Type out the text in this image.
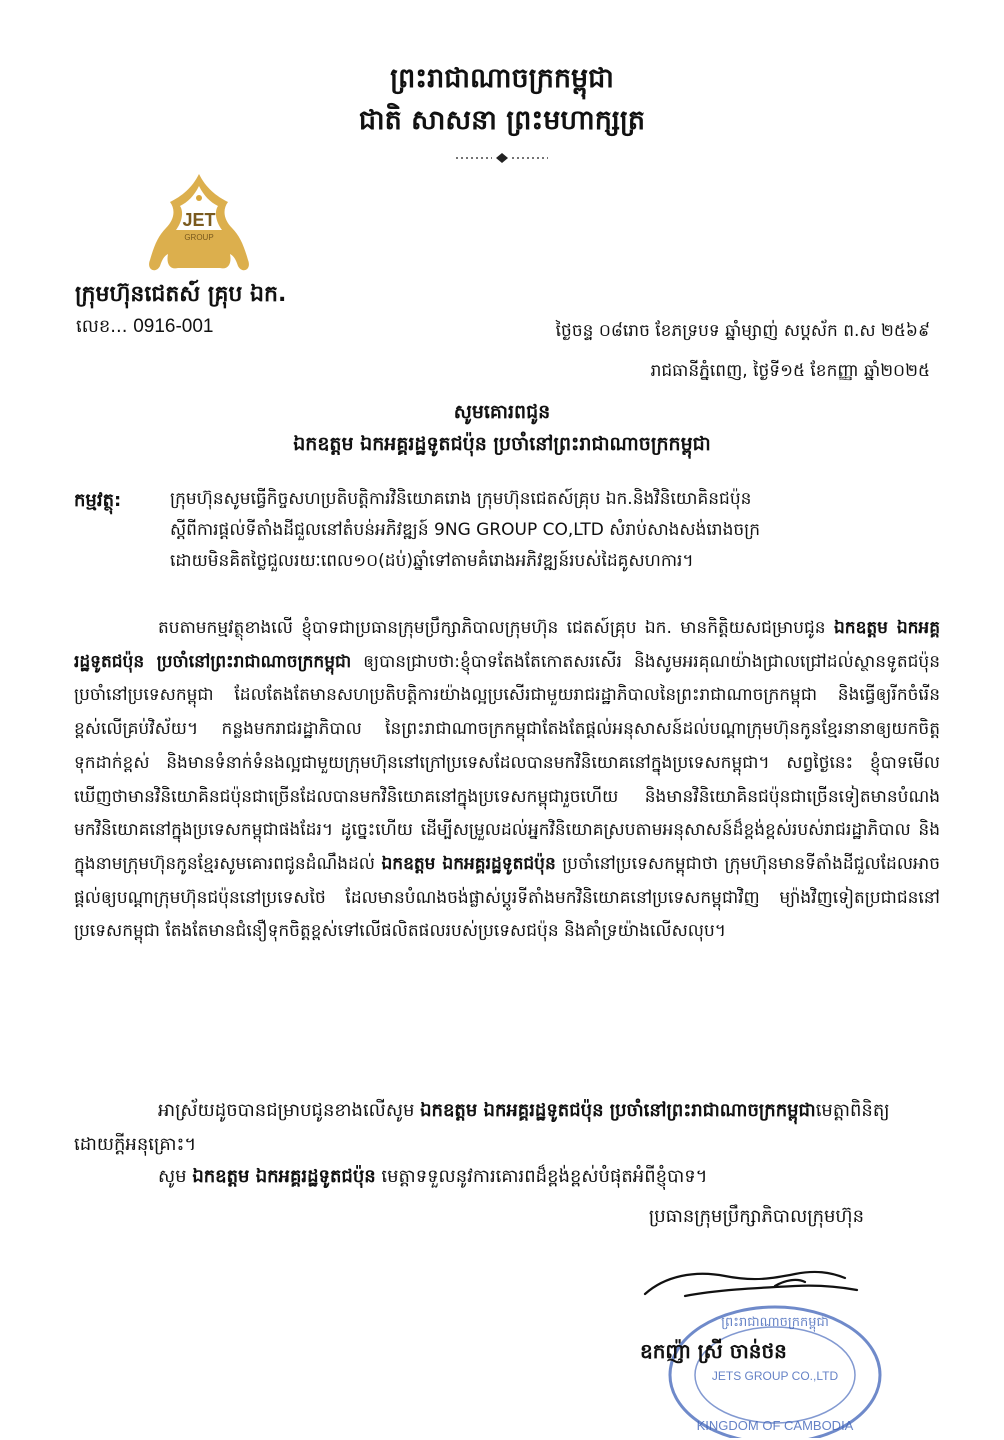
ព្រះរាជាណាចក្រកម្ពុជា
ជាតិ សាសនា ព្រះមហាក្សត្រ
JET
GROUP
ក្រុមហ៊ុនជេតស៍ គ្រុប ឯក.
លេខ... 0916-001	ថ្ងៃចន្ទ ០៨រោច ខែភទ្របទ ឆ្នាំម្សាញ់ សប្តស័ក ព.ស ២៥៦៩
រាជធានីភ្នំពេញ, ថ្ងៃទី១៥ ខែកញ្ញា ឆ្នាំ២០២៥
សូមគោរពជូន
ឯកឧត្តម ឯកអគ្គរដ្ឋទូតជប៉ុន ប្រចាំនៅព្រះរាជាណាចក្រកម្ពុជា
កម្មវត្ថុ:	ក្រុមហ៊ុនសូមធ្វើកិច្ចសហប្រតិបត្តិការវិនិយោគរោង ក្រុមហ៊ុនជេតស៍គ្រុប ឯក.និងវិនិយោគិនជប៉ុន
ស្តីពីការផ្តល់ទីតាំងដីជួលនៅតំបន់អភិវឌ្ឍន៍ 9NG GROUP CO,LTD សំរាប់សាងសង់រោងចក្រ
ដោយមិនគិតថ្លៃជួលរយៈពេល១០(ដប់)ឆ្នាំទៅតាមគំរោងអភិវឌ្ឍន៍របស់ដៃគូសហការ។

តបតាមកម្មវត្ថុខាងលើ ខ្ញុំបាទជាប្រធានក្រុមប្រឹក្សាភិបាលក្រុមហ៊ុន ជេតស៍គ្រុប ឯក. មានកិត្តិយសជម្រាបជូន ឯកឧត្តម ឯកអគ្គរដ្ឋទូតជប៉ុន ប្រចាំនៅព្រះរាជាណាចក្រកម្ពុជា ឲ្យបានជ្រាបថា:ខ្ញុំបាទតែងតែកោតសរសើរ និងសូមអរគុណយ៉ាងជ្រាលជ្រៅដល់ស្ថានទូតជប៉ុនប្រចាំនៅប្រទេសកម្ពុជា ដែលតែងតែមានសហប្រតិបត្តិការយ៉ាងល្អប្រសើរជាមួយរាជរដ្ឋាភិបាលនៃព្រះរាជាណាចក្រកម្ពុជា និងធ្វើឲ្យរីកចំរើនខ្ពស់លើគ្រប់វិស័យ។ កន្លងមករាជរដ្ឋាភិបាល នៃព្រះរាជាណាចក្រកម្ពុជាតែងតែផ្តល់អនុសាសន៍ដល់បណ្តាក្រុមហ៊ុនកូនខ្មែរនានាឲ្យយកចិត្តទុកដាក់ខ្ពស់ និងមានទំនាក់ទំនងល្អជាមួយក្រុមហ៊ុននៅក្រៅប្រទេសដែលបានមកវិនិយោគនៅក្នុងប្រទេសកម្ពុជា។ សព្វថ្ងៃនេះ ខ្ញុំបាទមើលឃើញថាមានវិនិយោគិនជប៉ុនជាច្រើនដែលបានមកវិនិយោគនៅក្នុងប្រទេសកម្ពុជារួចហើយ និងមានវិនិយោគិនជប៉ុនជាច្រើនទៀតមានបំណងមកវិនិយោគនៅក្នុងប្រទេសកម្ពុជាផងដែរ។ ដូច្នេះហើយ ដើម្បីសម្រួលដល់អ្នកវិនិយោគស្របតាមអនុសាសន៍ដ៏ខ្ពង់ខ្ពស់របស់រាជរដ្ឋាភិបាល និងក្នុងនាមក្រុមហ៊ុនកូនខ្មែរសូមគោរពជូនដំណឹងដល់ ឯកឧត្តម ឯកអគ្គរដ្ឋទូតជប៉ុន ប្រចាំនៅប្រទេសកម្ពុជាថា ក្រុមហ៊ុនមានទីតាំងដីជួលដែលអាចផ្តល់ឲ្យបណ្តាក្រុមហ៊ុនជប៉ុននៅប្រទេសថៃ ដែលមានបំណងចង់ផ្លាស់ប្តូរទីតាំងមកវិនិយោគនៅប្រទេសកម្ពុជាវិញ ម្យ៉ាងវិញទៀតប្រជាជននៅប្រទេសកម្ពុជា តែងតែមានជំនឿទុកចិត្តខ្ពស់ទៅលើផលិតផលរបស់ប្រទេសជប៉ុន និងគាំទ្រយ៉ាងលើសលុប។

អាស្រ័យដូចបានជម្រាបជូនខាងលើសូម ឯកឧត្តម ឯកអគ្គរដ្ឋទូតជប៉ុន ប្រចាំនៅព្រះរាជាណាចក្រកម្ពុជាមេត្តាពិនិត្យដោយក្តីអនុគ្រោះ។
សូម ឯកឧត្តម ឯកអគ្គរដ្ឋទូតជប៉ុន មេត្តាទទួលនូវការគោរពដ៏ខ្ពង់ខ្ពស់បំផុតអំពីខ្ញុំបាទ។
ប្រធានក្រុមប្រឹក្សាភិបាលក្រុមហ៊ុន
ព្រះរាជាណាចក្រកម្ពុជា
JETS GROUP CO.,LTD
KINGDOM OF CAMBODIA
ឧកញ៉ា ស្រី ចាន់ថន
